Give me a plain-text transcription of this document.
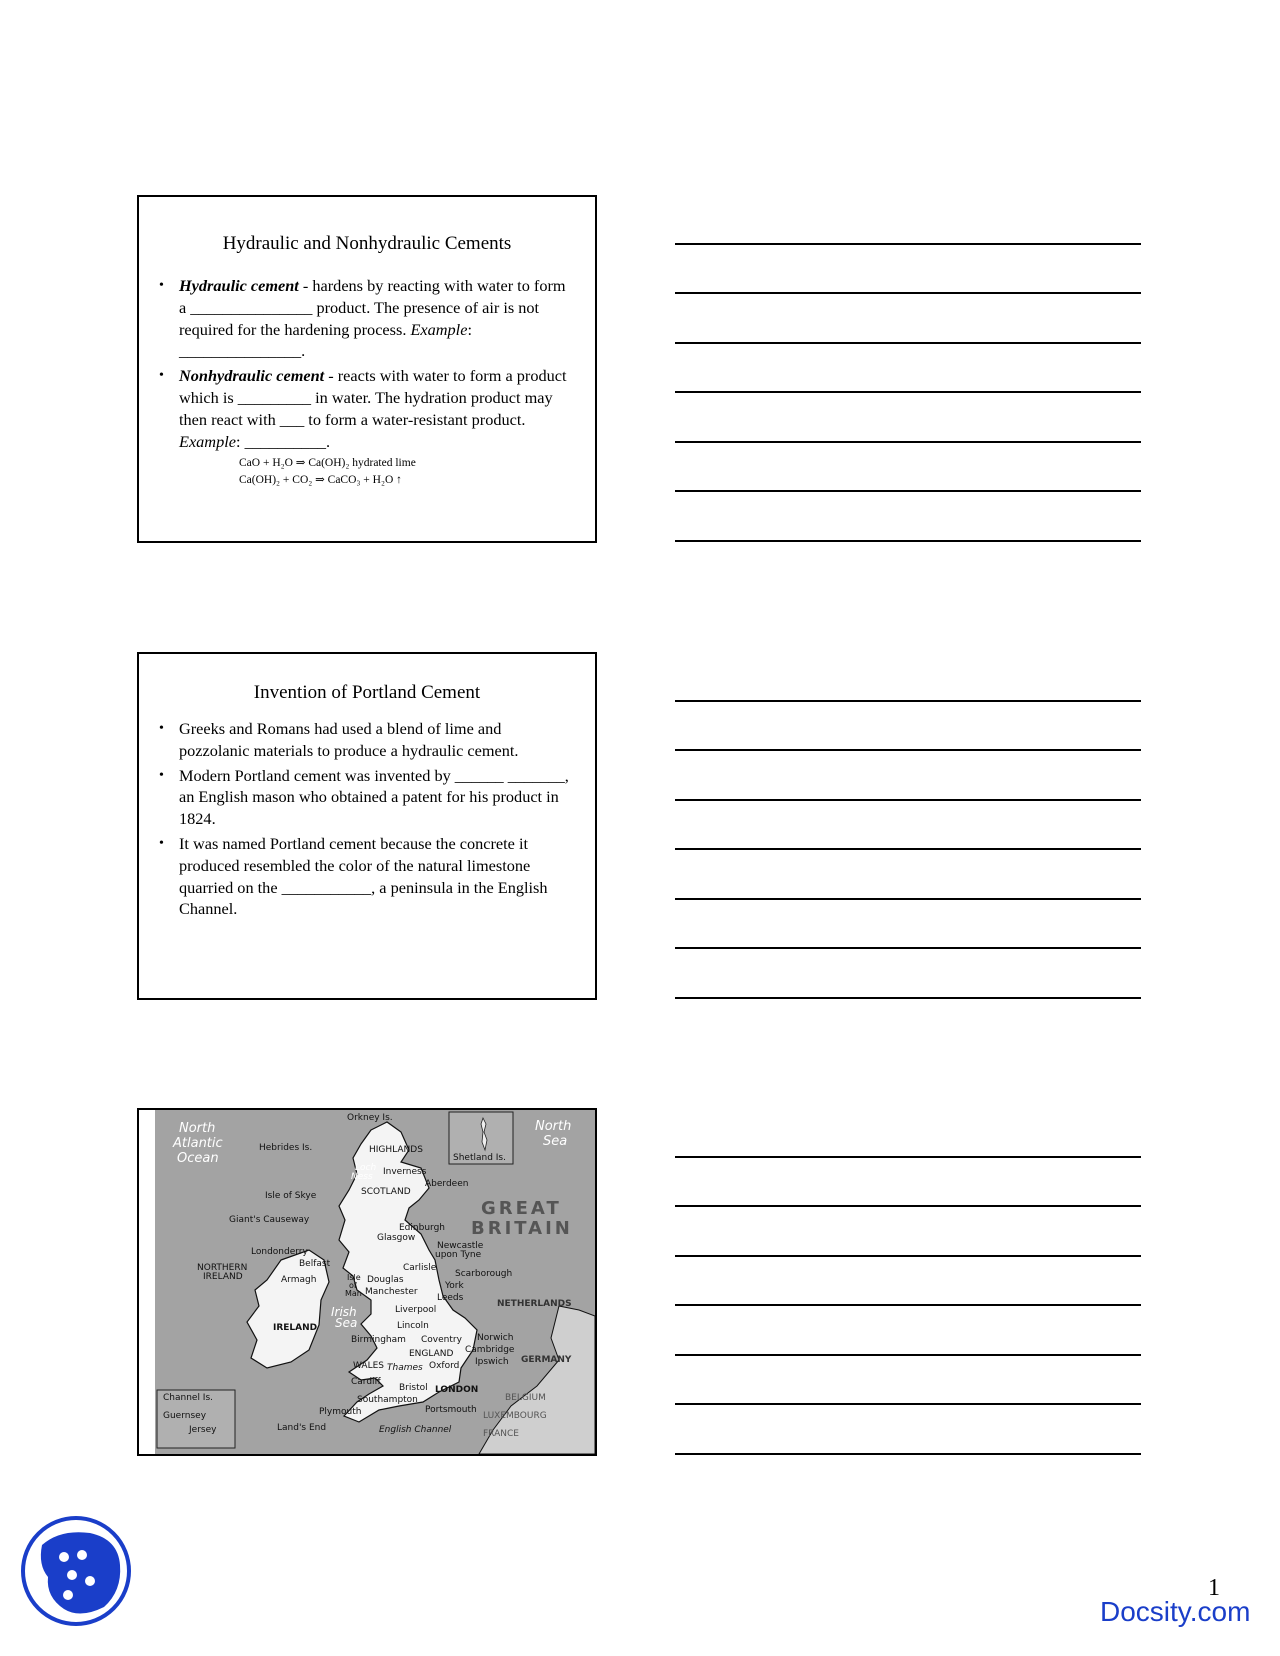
Hydraulic and Nonhydraulic Cements
• Hydraulic cement - hardens by reacting with water to form a _______________ product. The presence of air is not required for the hardening process. Example: _______________.
• Nonhydraulic cement - reacts with water to form a product which is _________ in water. The hydration product may then react with ___ to form a water-resistant product. Example: __________.
CaO + H₂O ⇒ Ca(OH)₂ hydrated lime
Ca(OH)₂ + CO₂ ⇒ CaCO₃ + H₂O ↑
Invention of Portland Cement
• Greeks and Romans had used a blend of lime and pozzolanic materials to produce a hydraulic cement.
• Modern Portland cement was invented by ______ _______, an English mason who obtained a patent for his product in 1824.
• It was named Portland cement because the concrete it produced resembled the color of the natural limestone quarried on the ___________, a peninsula in the English Channel.
North Atlantic Ocean
North Sea
GREAT BRITAIN
Orkney Is.
Hebrides Is.
Shetland Is.
HIGHLANDS
Loch Ness	Inverness
Aberdeen
SCOTLAND
Isle of Skye
Giant's Causeway
Edinburgh
Glasgow
Newcastle upon Tyne
Londonderry
Belfast
NORTHERN IRELAND
Carlisle
Scarborough
Armagh	Isle of Man
Douglas
York
Manchester
Leeds
NETHERLANDS
Irish Sea
Liverpool
IRELAND	Lincoln
Birmingham Coventry Norwich
ENGLAND Cambridge
Ipswich GERMANY
WALES Thames Oxford
Cardiff
Bristol LONDON
BELGIUM
Southampton
Portsmouth
LUXEMBOURG
Channel Is.
Guernsey
Jersey
Plymouth
Land's End	English Channel	FRANCE
1
Docsity.com
